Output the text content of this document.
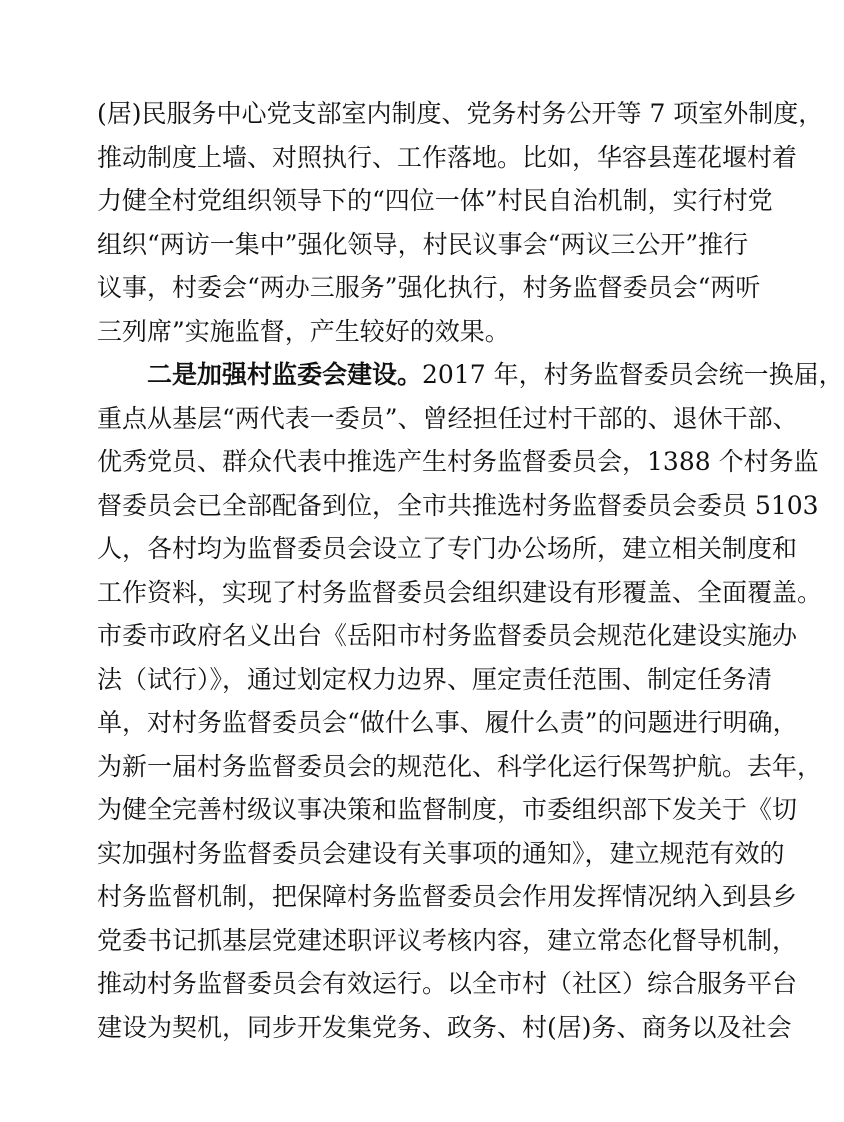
(居)民服务中心党支部室内制度、党务村务公开等 7 项室外制度，
推动制度上墙、对照执行、工作落地。比如，华容县莲花堰村着
力健全村党组织领导下的“四位一体”村民自治机制，实行村党
组织“两访一集中”强化领导，村民议事会“两议三公开”推行
议事，村委会“两办三服务”强化执行，村务监督委员会“两听
三列席”实施监督，产生较好的效果。
二是加强村监委会建设。2017 年，村务监督委员会统一换届，
重点从基层“两代表一委员”、曾经担任过村干部的、退休干部、
优秀党员、群众代表中推选产生村务监督委员会，1388 个村务监
督委员会已全部配备到位，全市共推选村务监督委员会委员 5103
人，各村均为监督委员会设立了专门办公场所，建立相关制度和
工作资料，实现了村务监督委员会组织建设有形覆盖、全面覆盖。
市委市政府名义出台《岳阳市村务监督委员会规范化建设实施办
法（试行）》，通过划定权力边界、厘定责任范围、制定任务清
单，对村务监督委员会“做什么事、履什么责”的问题进行明确，
为新一届村务监督委员会的规范化、科学化运行保驾护航。去年，
为健全完善村级议事决策和监督制度，市委组织部下发关于《切
实加强村务监督委员会建设有关事项的通知》，建立规范有效的
村务监督机制，把保障村务监督委员会作用发挥情况纳入到县乡
党委书记抓基层党建述职评议考核内容，建立常态化督导机制，
推动村务监督委员会有效运行。以全市村（社区）综合服务平台
建设为契机，同步开发集党务、政务、村(居)务、商务以及社会
